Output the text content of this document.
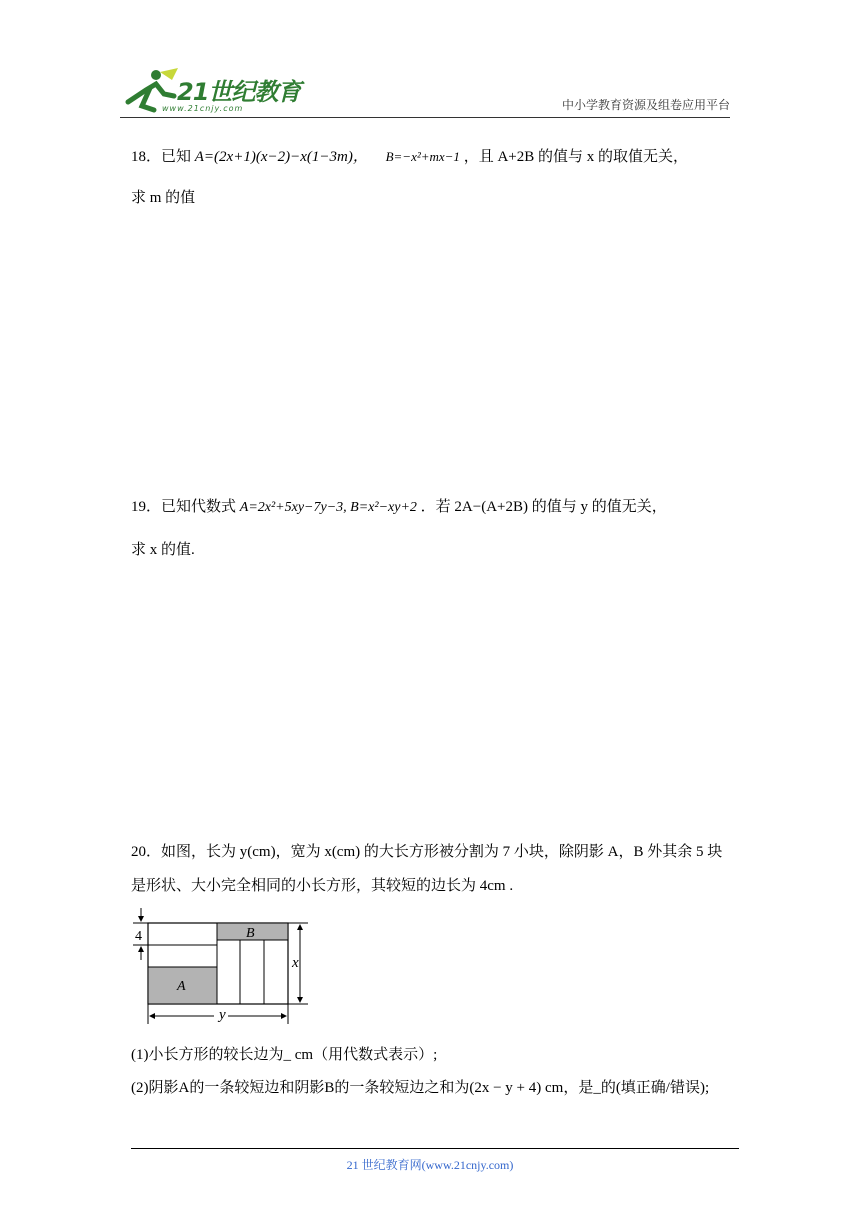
21世纪教育
www.21cnjy.com	中小学教育资源及组卷应用平台
18．已知 A=(2x+1)(x−2)−x(1−3m)， B=−x²+mx−1 ，且 A+2B 的值与 x 的取值无关，
求 m 的值
19．已知代数式 A=2x²+5xy−7y−3, B=x²−xy+2 ．若 2A−(A+2B) 的值与 y 的值无关，
求 x 的值.
20．如图，长为 y(cm)，宽为 x(cm) 的大长方形被分割为 7 小块，除阴影 A，B 外其余 5 块
是形状、大小完全相同的小长方形，其较短的边长为 4cm .
4
A
B
x
y
(1)小长方形的较长边为_ cm（用代数式表示）;
(2)阴影A的一条较短边和阴影B的一条较短边之和为(2x − y + 4) cm，是_的(填正确/错误);
21 世纪教育网(www.21cnjy.com)
